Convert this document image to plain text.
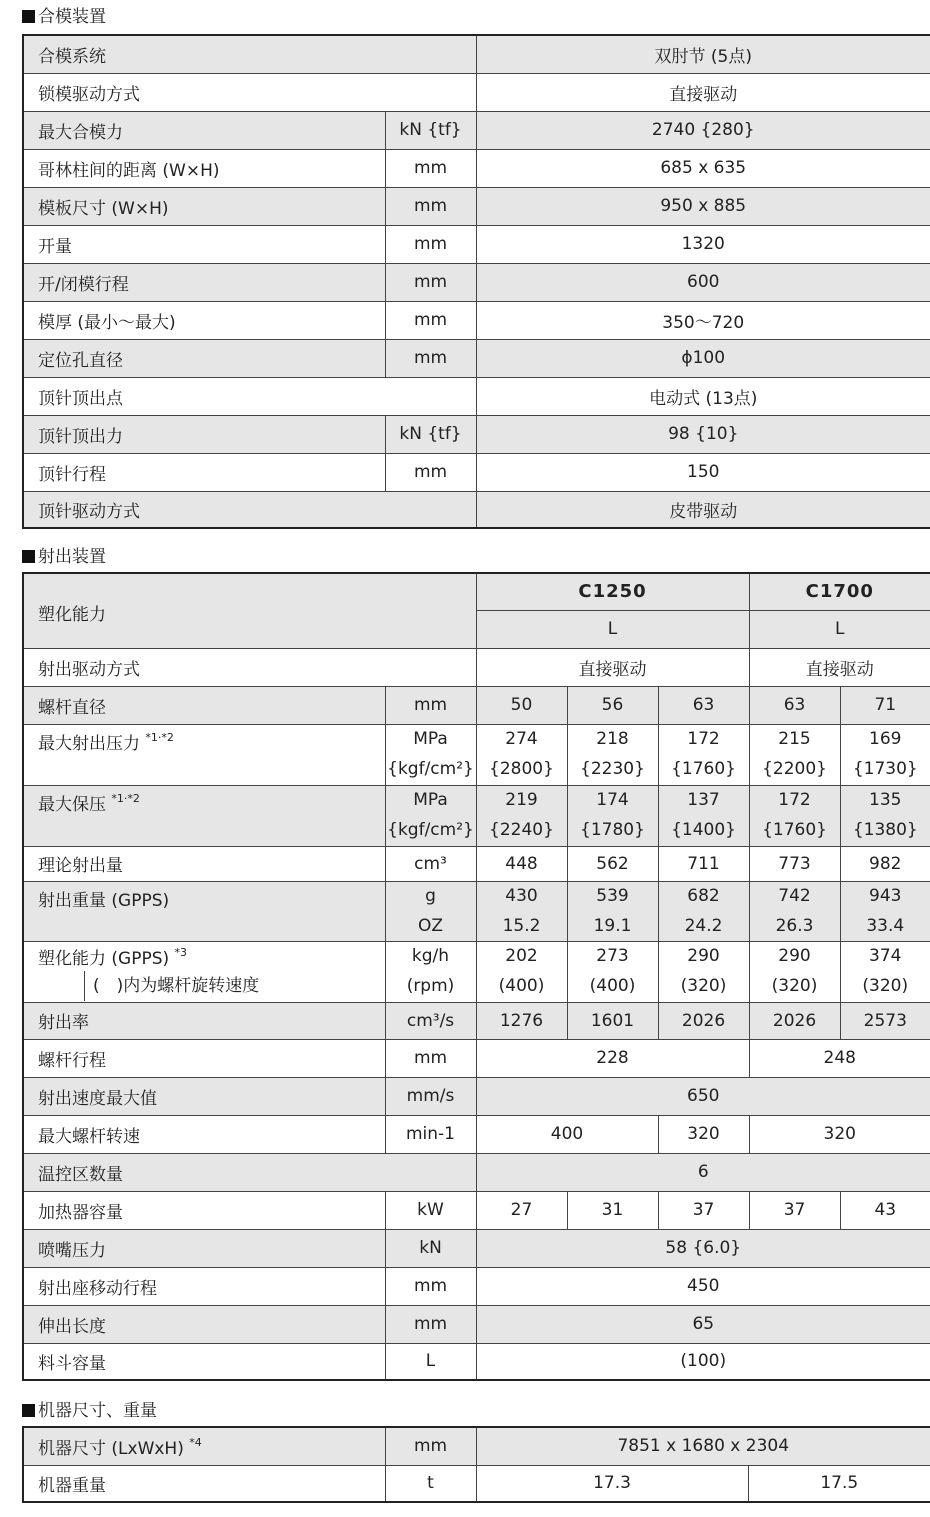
合模装置
合模系统		双肘节 (5点)
锁模驱动方式		直接驱动
最大合模力	kN {tf}	2740 {280}
哥林柱间的距离 (W×H)	mm	685 x 635
模板尺寸 (W×H)	mm	950 x 885
开量	mm	1320
开/闭模行程	mm	600
模厚 (最小～最大)	mm	350～720
定位孔直径	mm	ϕ100
顶针顶出点		电动式 (13点)
顶针顶出力	kN {tf}	98 {10}
顶针行程	mm	150
顶针驱动方式		皮带驱动
射出装置
塑化能力		C1250			C1700	
		L			L	
射出驱动方式		直接驱动			直接驱动	
螺杆直径	mm	50	56	63	63	71
最大射出压力 $^{*1\cdot*2}$	MPa	274	218	172	215	169
	{kgf/cm²}	{2800}	{2230}	{1760}	{2200}	{1730}
最大保压 $^{*1\cdot*2}$	MPa	219	174	137	172	135
	{kgf/cm²}	{2240}	{1780}	{1400}	{1760}	{1380}
理论射出量	cm³	448	562	711	773	982
射出重量 (GPPS)	g	430	539	682	742	943
	OZ	15.2	19.1	24.2	26.3	33.4
塑化能力 (GPPS) $^{*3}$	kg/h	202	273	290	290	374

(　)内为螺杆旋转速度	(rpm)	(400)	(400)	(320)	(320)	(320)
射出率	cm³/s	1276	1601	2026	2026	2573
螺杆行程	mm	228			248	
射出速度最大值	mm/s	650				
最大螺杆转速	min-1	400		320	320	
温控区数量		6				
加热器容量	kW	27	31	37	37	43
喷嘴压力	kN	58 {6.0}				
射出座移动行程	mm	450				
伸出长度	mm	65				
料斗容量	L	(100)				
机器尺寸、重量
机器尺寸 (LxWxH) $^{*4}$	mm	7851 x 1680 x 2304	
机器重量	t	17.3	17.5
